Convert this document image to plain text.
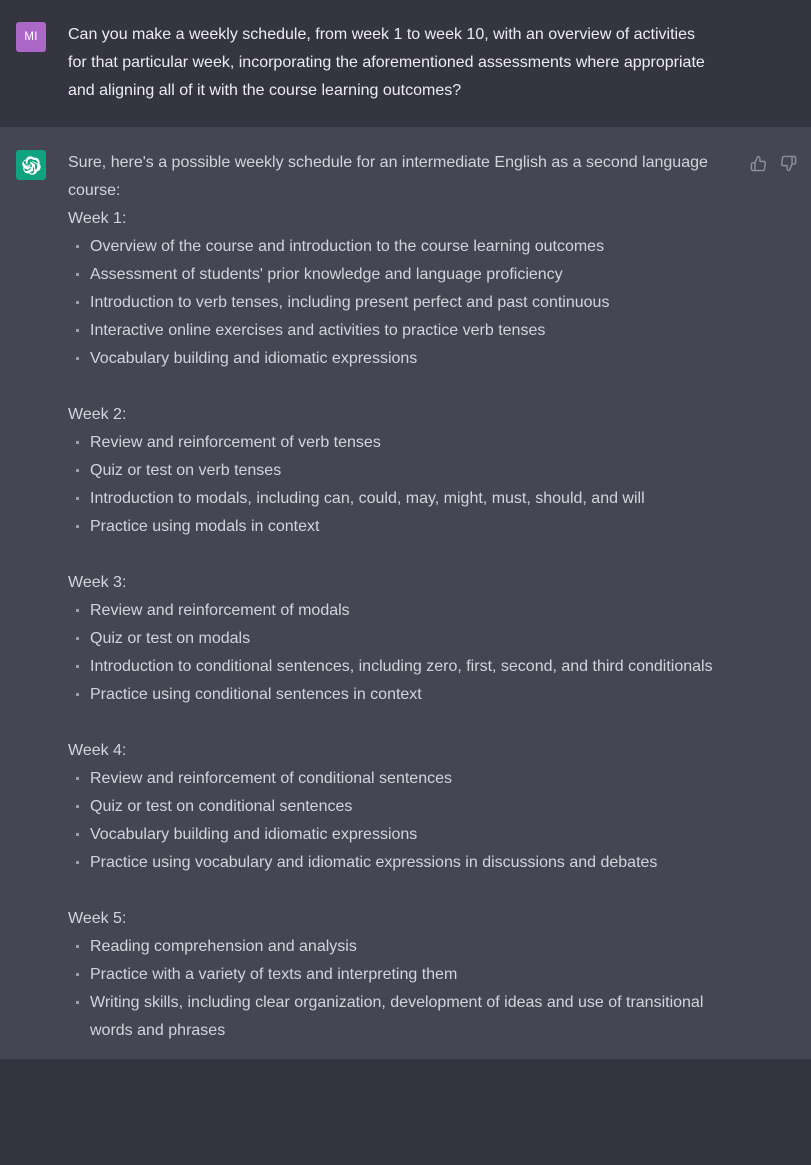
MI Can you make a weekly schedule, from week 1 to week 10, with an overview of activities for that particular week, incorporating the aforementioned assessments where appropriate and aligning all of it with the course learning outcomes?

Sure, here's a possible weekly schedule for an intermediate English as a second language course:

Week 1:

Overview of the course and introduction to the course learning outcomes
Assessment of students' prior knowledge and language proficiency
Introduction to verb tenses, including present perfect and past continuous
Interactive online exercises and activities to practice verb tenses
Vocabulary building and idiomatic expressions

Week 2:

Review and reinforcement of verb tenses
Quiz or test on verb tenses
Introduction to modals, including can, could, may, might, must, should, and will
Practice using modals in context

Week 3:

Review and reinforcement of modals
Quiz or test on modals
Introduction to conditional sentences, including zero, first, second, and third conditionals
Practice using conditional sentences in context

Week 4:

Review and reinforcement of conditional sentences
Quiz or test on conditional sentences
Vocabulary building and idiomatic expressions
Practice using vocabulary and idiomatic expressions in discussions and debates

Week 5:

Reading comprehension and analysis
Practice with a variety of texts and interpreting them
Writing skills, including clear organization, development of ideas and use of transitional words and phrases
